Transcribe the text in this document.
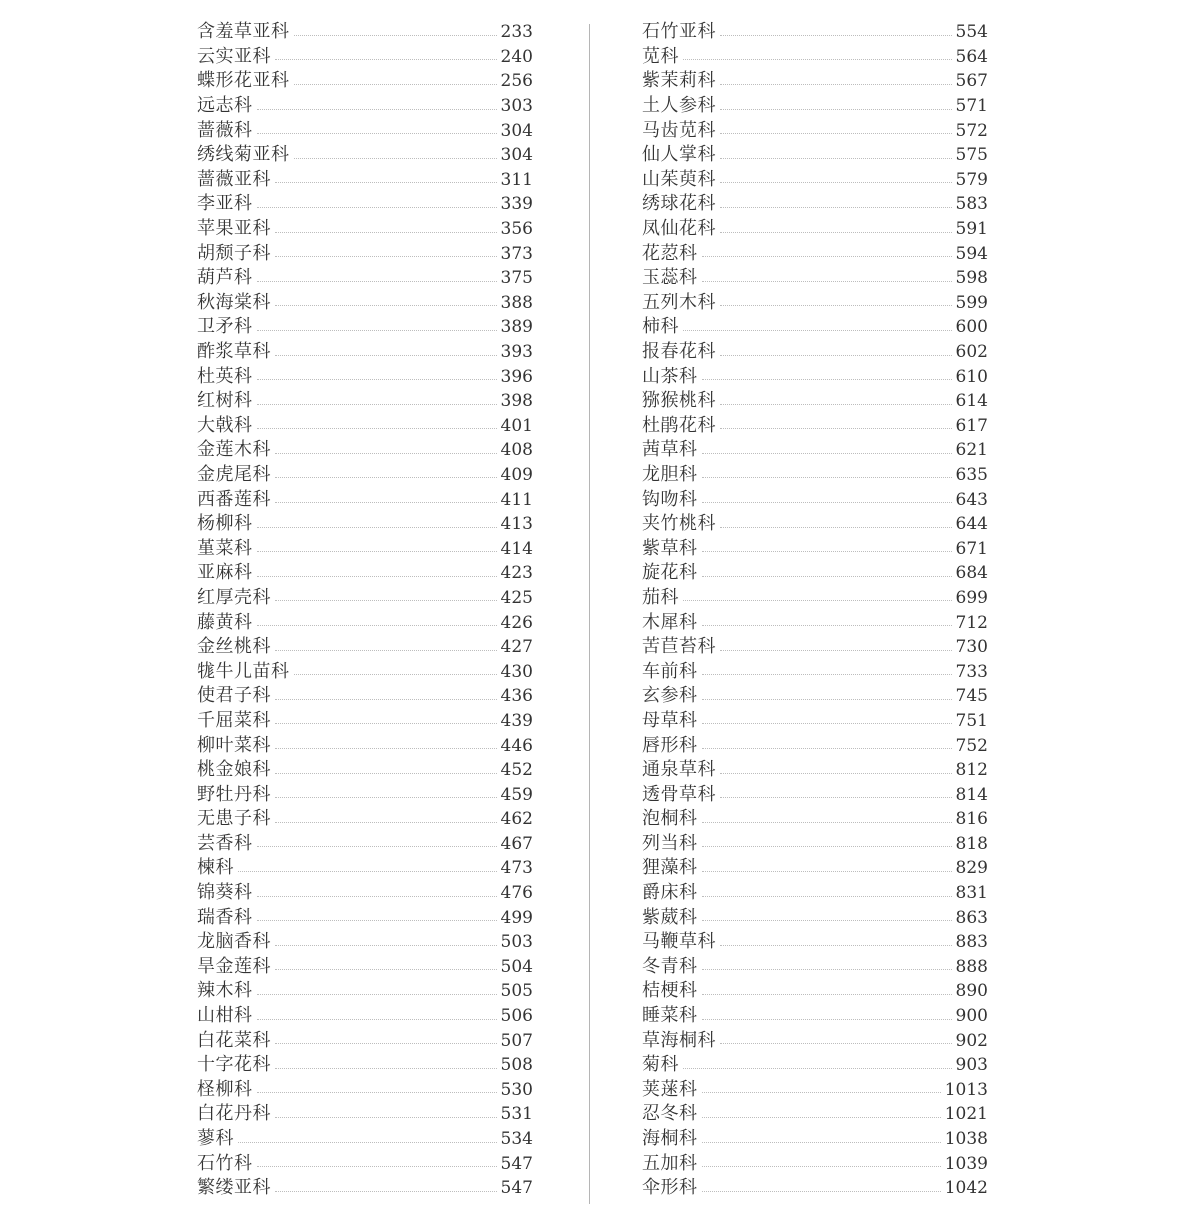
含羞草亚科	233
云实亚科	240
蝶形花亚科	256
远志科	303
蔷薇科	304
绣线菊亚科	304
蔷薇亚科	311
李亚科	339
苹果亚科	356
胡颓子科	373
葫芦科	375
秋海棠科	388
卫矛科	389
酢浆草科	393
杜英科	396
红树科	398
大戟科	401
金莲木科	408
金虎尾科	409
西番莲科	411
杨柳科	413
堇菜科	414
亚麻科	423
红厚壳科	425
藤黄科	426
金丝桃科	427
牻牛儿苗科	430
使君子科	436
千屈菜科	439
柳叶菜科	446
桃金娘科	452
野牡丹科	459
无患子科	462
芸香科	467
楝科	473
锦葵科	476
瑞香科	499
龙脑香科	503
旱金莲科	504
辣木科	505
山柑科	506
白花菜科	507
十字花科	508
柽柳科	530
白花丹科	531
蓼科	534
石竹科	547
繁缕亚科	547
石竹亚科	554
苋科	564
紫茉莉科	567
土人参科	571
马齿苋科	572
仙人掌科	575
山茱萸科	579
绣球花科	583
凤仙花科	591
花荵科	594
玉蕊科	598
五列木科	599
柿科	600
报春花科	602
山茶科	610
猕猴桃科	614
杜鹃花科	617
茜草科	621
龙胆科	635
钩吻科	643
夹竹桃科	644
紫草科	671
旋花科	684
茄科	699
木犀科	712
苦苣苔科	730
车前科	733
玄参科	745
母草科	751
唇形科	752
通泉草科	812
透骨草科	814
泡桐科	816
列当科	818
狸藻科	829
爵床科	831
紫葳科	863
马鞭草科	883
冬青科	888
桔梗科	890
睡菜科	900
草海桐科	902
菊科	903
荚蒾科	1013
忍冬科	1021
海桐科	1038
五加科	1039
伞形科	1042
